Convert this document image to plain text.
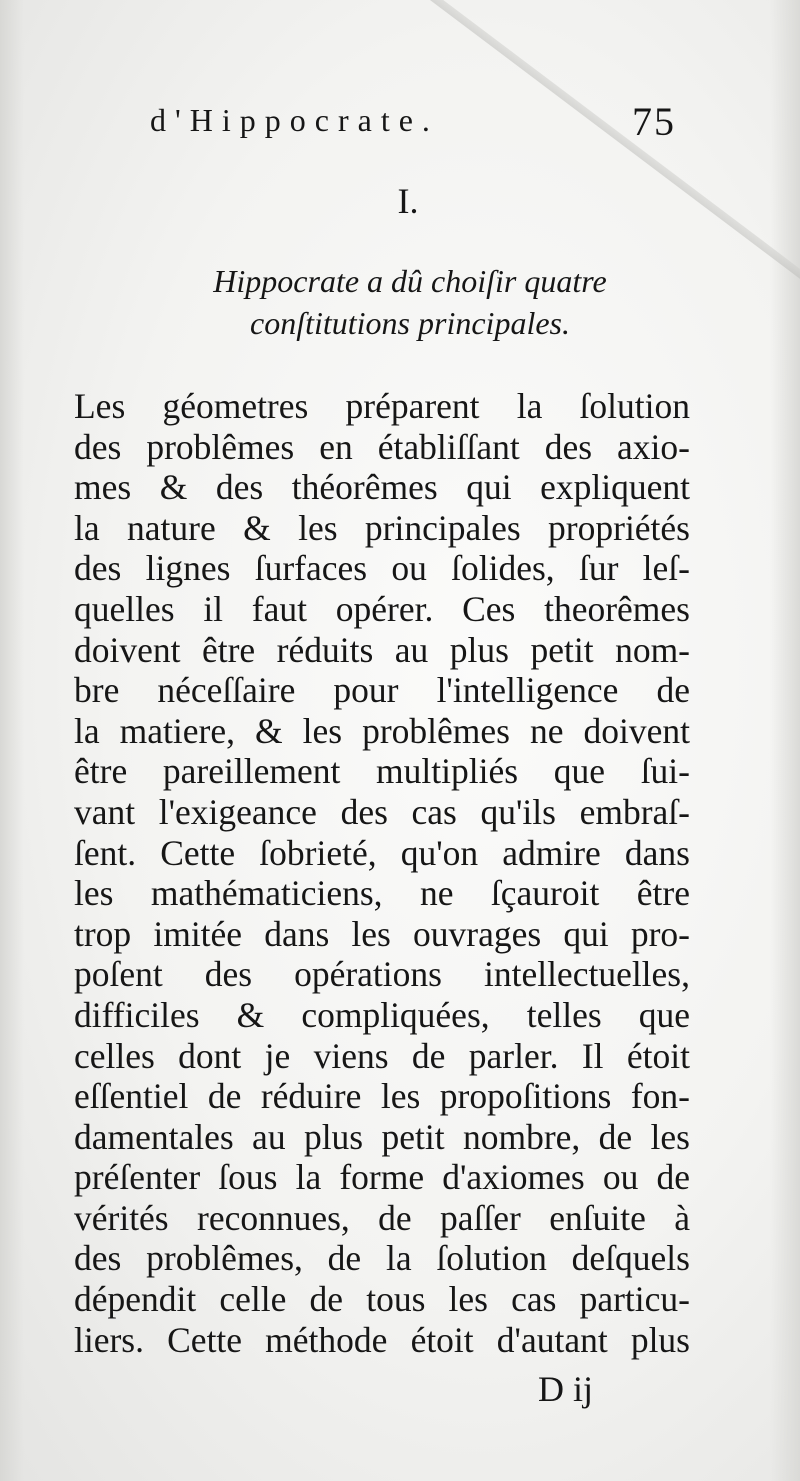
d'Hippocrate.	75
I.
Hippocrate a dû choiſir quatre
conſtitutions principales.
Les géometres préparent la ſolution
des problêmes en établiſſant des axio-
mes & des théorêmes qui expliquent
la nature & les principales propriétés
des lignes ſurfaces ou ſolides, ſur leſ-
quelles il faut opérer. Ces theorêmes
doivent être réduits au plus petit nom-
bre néceſſaire pour l'intelligence de
la matiere, & les problêmes ne doivent
être pareillement multipliés que ſui-
vant l'exigeance des cas qu'ils embraſ-
ſent. Cette ſobrieté, qu'on admire dans
les mathématiciens, ne ſçauroit être
trop imitée dans les ouvrages qui pro-
poſent des opérations intellectuelles,
difficiles & compliquées, telles que
celles dont je viens de parler. Il étoit
eſſentiel de réduire les propoſitions fon-
damentales au plus petit nombre, de les
préſenter ſous la forme d'axiomes ou de
vérités reconnues, de paſſer enſuite à
des problêmes, de la ſolution deſquels
dépendit celle de tous les cas particu-
liers. Cette méthode étoit d'autant plus
D ij
